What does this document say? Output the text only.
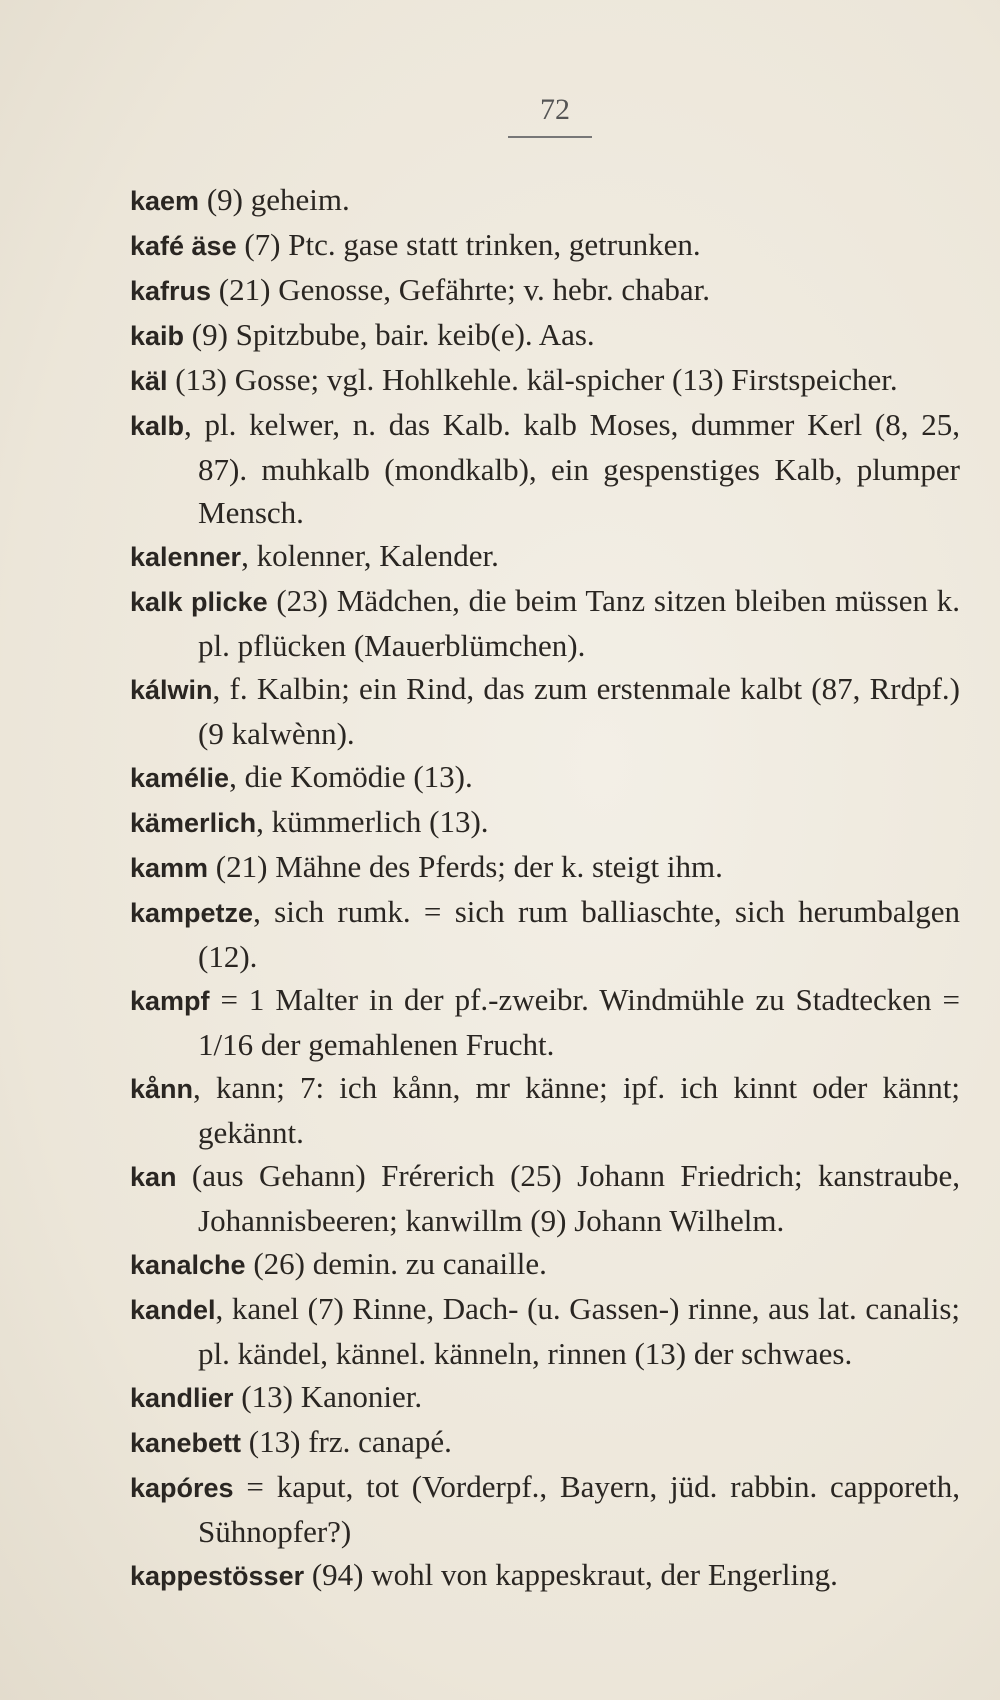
72

kaem (9) geheim.

kafé äse (7) Ptc. gase statt trinken, getrunken.

kafrus (21) Genosse, Gefährte; v. hebr. chabar.

kaib (9) Spitzbube, bair. keib(e). Aas.

käl (13) Gosse; vgl. Hohlkehle. käl-spicher (13) Firstspeicher.

kalb, pl. kelwer, n. das Kalb. kalb Moses, dummer Kerl (8, 25, 87). muhkalb (mondkalb), ein gespenstiges Kalb, plumper Mensch.

kalenner, kolenner, Kalender.

kalk plicke (23) Mädchen, die beim Tanz sitzen bleiben müssen k. pl. pflücken (Mauerblümchen).

kálwin, f. Kalbin; ein Rind, das zum erstenmale kalbt (87, Rrdpf.) (9 kalwènn).

kamélie, die Komödie (13).

kämerlich, kümmerlich (13).

kamm (21) Mähne des Pferds; der k. steigt ihm.

kampetze, sich rumk. = sich rum balliaschte, sich herumbalgen (12).

kampf = 1 Malter in der pf.-zweibr. Windmühle zu Stadtecken = 1/16 der gemahlenen Frucht.

kånn, kann; 7: ich kånn, mr känne; ipf. ich kinnt oder kännt; gekännt.

kan (aus Gehann) Frérerich (25) Johann Friedrich; kanstraube, Johannisbeeren; kanwillm (9) Johann Wilhelm.

kanalche (26) demin. zu canaille.

kandel, kanel (7) Rinne, Dach- (u. Gassen-) rinne, aus lat. canalis; pl. kändel, kännel. känneln, rinnen (13) der schwaes.

kandlier (13) Kanonier.

kanebett (13) frz. canapé.

kapóres = kaput, tot (Vorderpf., Bayern, jüd. rabbin. capporeth, Sühnopfer?)

kappestösser (94) wohl von kappeskraut, der Engerling.
